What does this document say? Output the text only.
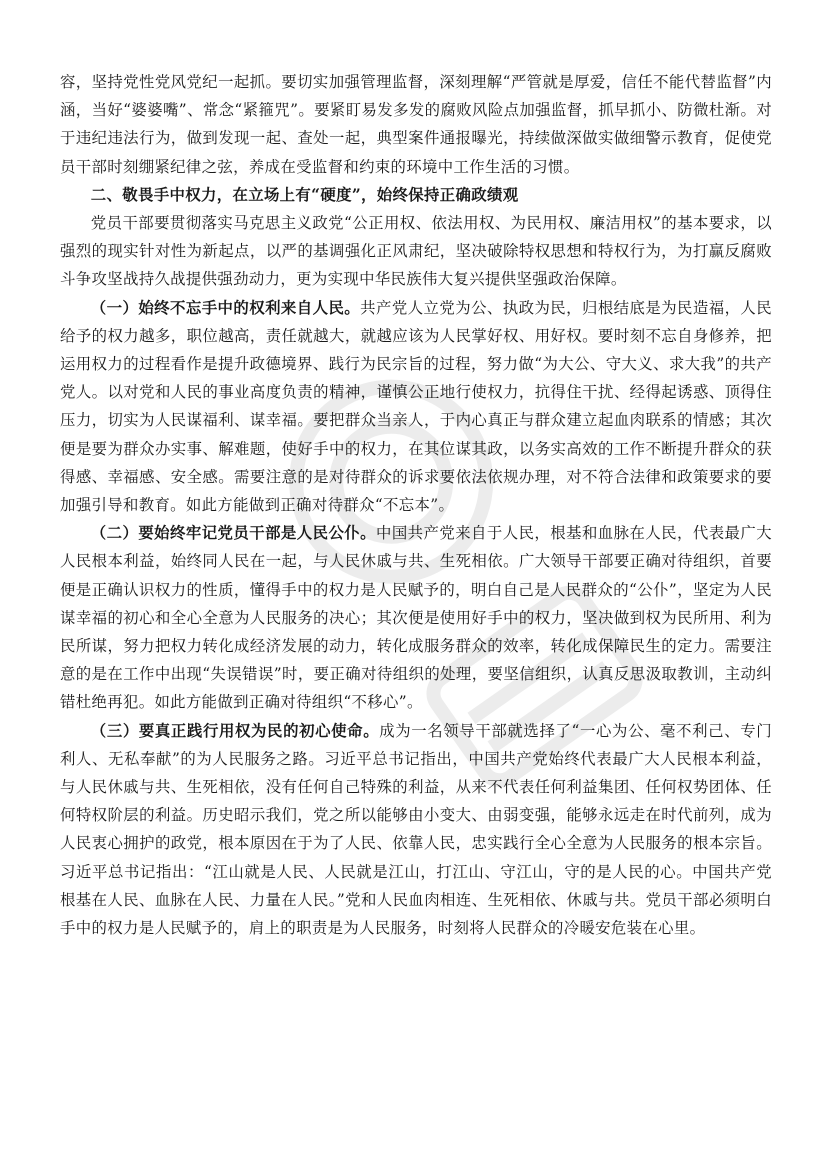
容，坚持党性党风党纪一起抓。要切实加强管理监督，深刻理解“严管就是厚爱，信任不能代替监督”内涵，当好“婆婆嘴”、常念“紧箍咒”。要紧盯易发多发的腐败风险点加强监督，抓早抓小、防微杜渐。对于违纪违法行为，做到发现一起、查处一起，典型案件通报曝光，持续做深做实做细警示教育，促使党员干部时刻绷紧纪律之弦，养成在受监督和约束的环境中工作生活的习惯。

二、敬畏手中权力，在立场上有“硬度”，始终保持正确政绩观

党员干部要贯彻落实马克思主义政党“公正用权、依法用权、为民用权、廉洁用权”的基本要求，以强烈的现实针对性为新起点，以严的基调强化正风肃纪，坚决破除特权思想和特权行为，为打赢反腐败斗争攻坚战持久战提供强劲动力，更为实现中华民族伟大复兴提供坚强政治保障。

（一）始终不忘手中的权利来自人民。共产党人立党为公、执政为民，归根结底是为民造福，人民给予的权力越多，职位越高，责任就越大，就越应该为人民掌好权、用好权。要时刻不忘自身修养，把运用权力的过程看作是提升政德境界、践行为民宗旨的过程，努力做“为大公、守大义、求大我”的共产党人。以对党和人民的事业高度负责的精神，谨慎公正地行使权力，抗得住干扰、经得起诱惑、顶得住压力，切实为人民谋福利、谋幸福。要把群众当亲人，于内心真正与群众建立起血肉联系的情感；其次便是要为群众办实事、解难题，使好手中的权力，在其位谋其政，以务实高效的工作不断提升群众的获得感、幸福感、安全感。需要注意的是对待群众的诉求要依法依规办理，对不符合法律和政策要求的要加强引导和教育。如此方能做到正确对待群众“不忘本”。

（二）要始终牢记党员干部是人民公仆。中国共产党来自于人民，根基和血脉在人民，代表最广大人民根本利益，始终同人民在一起，与人民休戚与共、生死相依。广大领导干部要正确对待组织，首要便是正确认识权力的性质，懂得手中的权力是人民赋予的，明白自己是人民群众的“公仆”，坚定为人民谋幸福的初心和全心全意为人民服务的决心；其次便是使用好手中的权力，坚决做到权为民所用、利为民所谋，努力把权力转化成经济发展的动力，转化成服务群众的效率，转化成保障民生的定力。需要注意的是在工作中出现“失误错误”时，要正确对待组织的处理，要坚信组织，认真反思汲取教训，主动纠错杜绝再犯。如此方能做到正确对待组织“不移心”。

（三）要真正践行用权为民的初心使命。成为一名领导干部就选择了“一心为公、毫不利己、专门利人、无私奉献”的为人民服务之路。习近平总书记指出，中国共产党始终代表最广大人民根本利益，与人民休戚与共、生死相依，没有任何自己特殊的利益，从来不代表任何利益集团、任何权势团体、任何特权阶层的利益。历史昭示我们，党之所以能够由小变大、由弱变强，能够永远走在时代前列，成为人民衷心拥护的政党，根本原因在于为了人民、依靠人民，忠实践行全心全意为人民服务的根本宗旨。习近平总书记指出：“江山就是人民、人民就是江山，打江山、守江山，守的是人民的心。中国共产党根基在人民、血脉在人民、力量在人民。”党和人民血肉相连、生死相依、休戚与共。党员干部必须明白手中的权力是人民赋予的，肩上的职责是为人民服务，时刻将人民群众的冷暖安危装在心里。
